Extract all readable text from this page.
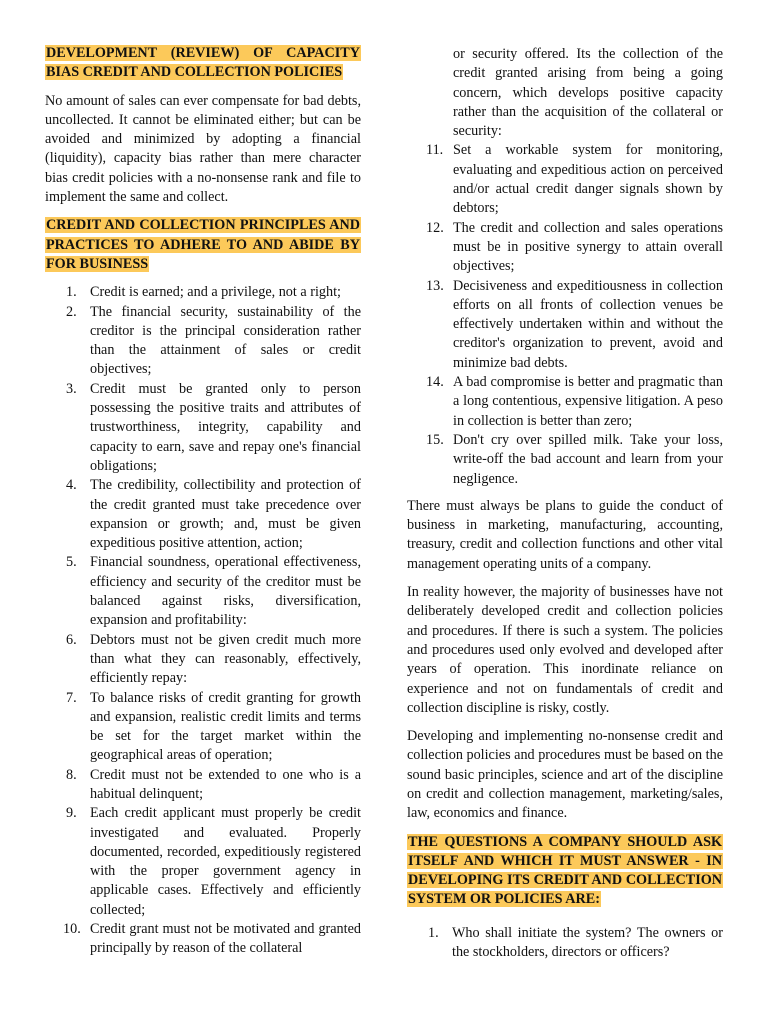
DEVELOPMENT (REVIEW) OF CAPACITY BIAS CREDIT AND COLLECTION POLICIES

No amount of sales can ever compensate for bad debts, uncollected. It cannot be eliminated either; but can be avoided and minimized by adopting a financial (liquidity), capacity bias rather than mere character bias credit policies with a no-nonsense rank and file to implement the same and collect.

CREDIT AND COLLECTION PRINCIPLES AND PRACTICES TO ADHERE TO AND ABIDE BY FOR BUSINESS
1. Credit is earned; and a privilege, not a right;
2. The financial security, sustainability of the creditor is the principal consideration rather than the attainment of sales or credit objectives;
3. Credit must be granted only to person possessing the positive traits and attributes of trustworthiness, integrity, capability and capacity to earn, save and repay one's financial obligations;
4. The credibility, collectibility and protection of the credit granted must take precedence over expansion or growth; and, must be given expeditious positive attention, action;
5. Financial soundness, operational effectiveness, efficiency and security of the creditor must be balanced against risks, diversification, expansion and profitability:
6. Debtors must not be given credit much more than what they can reasonably, effectively, efficiently repay:
7. To balance risks of credit granting for growth and expansion, realistic credit limits and terms be set for the target market within the geographical areas of operation;
8. Credit must not be extended to one who is a habitual delinquent;
9. Each credit applicant must properly be credit investigated and evaluated. Properly documented, recorded, expeditiously registered with the proper government agency in applicable cases. Effectively and efficiently collected;
10. Credit grant must not be motivated and granted principally by reason of the collateral

or security offered. Its the collection of the credit granted arising from being a going concern, which develops positive capacity rather than the acquisition of the collateral or security:

11. Set a workable system for monitoring, evaluating and expeditious action on perceived and/or actual credit danger signals shown by debtors;
12. The credit and collection and sales operations must be in positive synergy to attain overall objectives;
13. Decisiveness and expeditiousness in collection efforts on all fronts of collection venues be effectively undertaken within and without the creditor's organization to prevent, avoid and minimize bad debts.
14. A bad compromise is better and pragmatic than a long contentious, expensive litigation. A peso in collection is better than zero;
15. Don't cry over spilled milk. Take your loss, write-off the bad account and learn from your negligence.

There must always be plans to guide the conduct of business in marketing, manufacturing, accounting, treasury, credit and collection functions and other vital management operating units of a company.

In reality however, the majority of businesses have not deliberately developed credit and collection policies and procedures. If there is such a system. The policies and procedures used only evolved and developed after years of operation. This inordinate reliance on experience and not on fundamentals of credit and collection discipline is risky, costly.

Developing and implementing no-nonsense credit and collection policies and procedures must be based on the sound basic principles, science and art of the discipline on credit and collection management, marketing/sales, law, economics and finance.

THE QUESTIONS A COMPANY SHOULD ASK ITSELF AND WHICH IT MUST ANSWER - IN DEVELOPING ITS CREDIT AND COLLECTION SYSTEM OR POLICIES ARE:
1. Who shall initiate the system? The owners or the stockholders, directors or officers?
